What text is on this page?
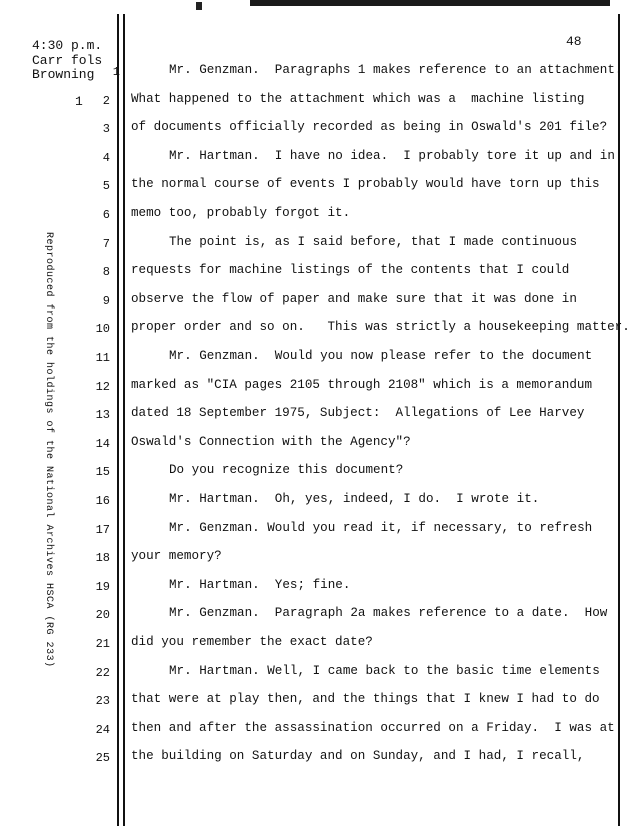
48
4:30 p.m.
Carr fols
Browning
1
Reproduced from the holdings of the National Archives HSCA (RG 233)
1	Mr. Genzman.  Paragraphs 1 makes reference to an attachment.
2 What happened to the attachment which was a  machine listing
3 of documents officially recorded as being in Oswald's 201 file?
4	Mr. Hartman.  I have no idea.  I probably tore it up and in
5 the normal course of events I probably would have torn up this
6 memo too, probably forgot it.
7	The point is, as I said before, that I made continuous
8 requests for machine listings of the contents that I could
9 observe the flow of paper and make sure that it was done in
10 proper order and so on.   This was strictly a housekeeping matter.
11	Mr. Genzman.  Would you now please refer to the document
12 marked as "CIA pages 2105 through 2108" which is a memorandum
13 dated 18 September 1975, Subject:  Allegations of Lee Harvey
14 Oswald's Connection with the Agency"?
15	Do you recognize this document?
16	Mr. Hartman.  Oh, yes, indeed, I do.  I wrote it.
17	Mr. Genzman. Would you read it, if necessary, to refresh
18 your memory?
19	Mr. Hartman.  Yes; fine.
20	Mr. Genzman.  Paragraph 2a makes reference to a date.  How
21 did you remember the exact date?
22	Mr. Hartman. Well, I came back to the basic time elements
23 that were at play then, and the things that I knew I had to do
24 then and after the assassination occurred on a Friday.  I was at
25 the building on Saturday and on Sunday, and I had, I recall,
